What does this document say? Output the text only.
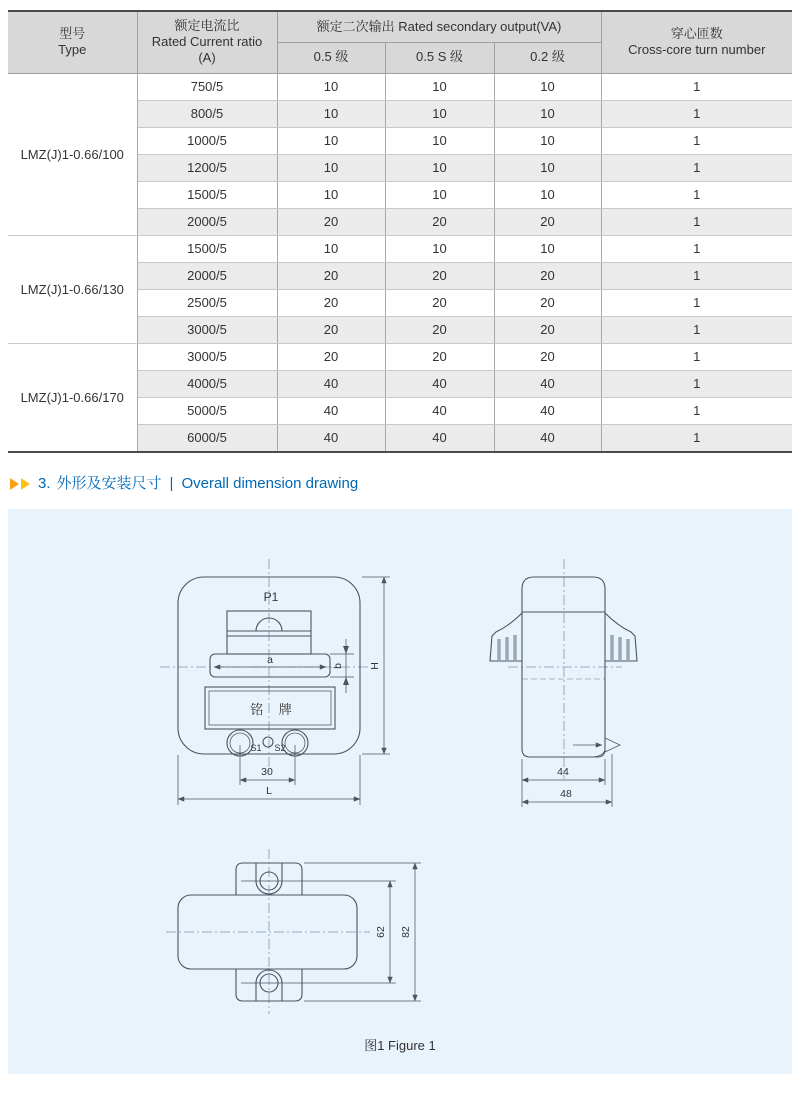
型号
Type

额定电流比
Rated Current ratio
(A)
	额定二次输出 Rated secondary output(VA)	穿心匝数
Cross-core turn number

		0.5 级	0.5 S 级	0.2 级	
LMZ(J)1-0.66/100	750/5	10	10	10	1
	800/5	10	10	10	1
	1000/5	10	10	10	1
	1200/5	10	10	10	1
	1500/5	10	10	10	1
	2000/5	20	20	20	1
LMZ(J)1-0.66/130	1500/5	10	10	10	1
	2000/5	20	20	20	1
	2500/5	20	20	20	1
	3000/5	20	20	20	1
LMZ(J)1-0.66/170	3000/5	20	20	20	1
	4000/5	40	40	40	1
	5000/5	40	40	40	1
	6000/5	40	40	40	1
3. 外形及安装尺寸 | Overall dimension drawing
P1
a	b
铭 牌
S1 S2
30
L
H
44
48
62 82
图1 Figure 1
